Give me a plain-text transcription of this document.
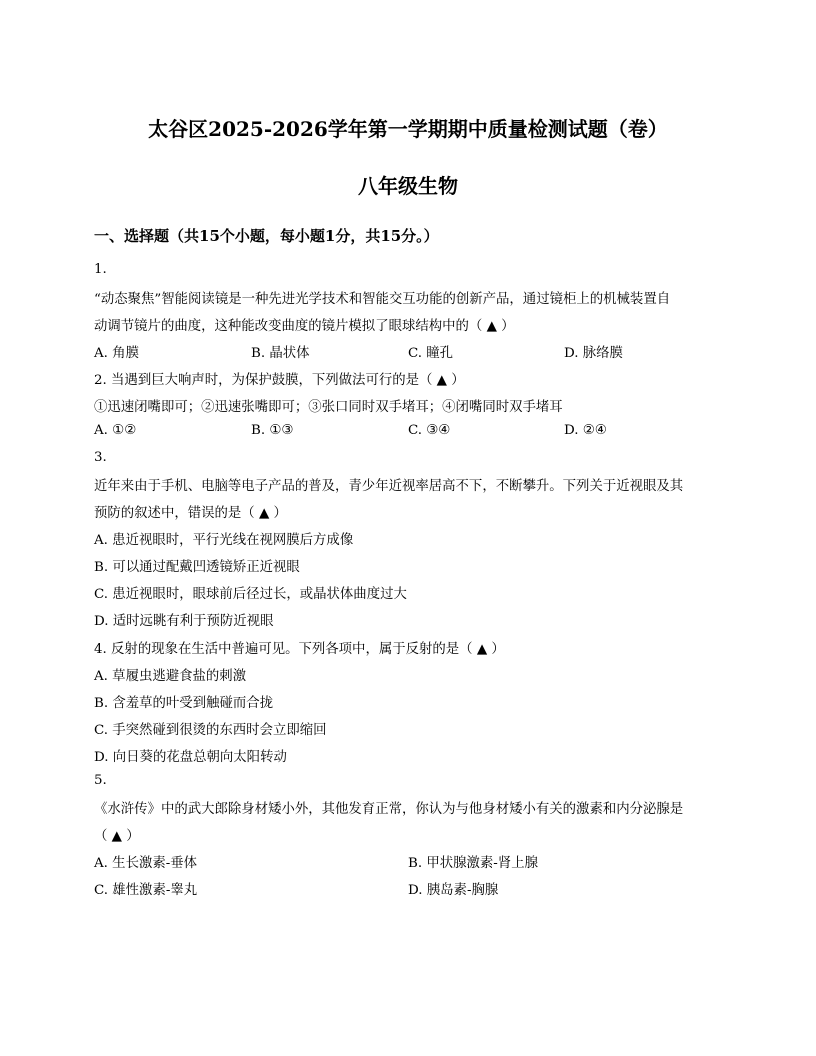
太谷区2025-2026学年第一学期期中质量检测试题（卷）
八年级生物
一、选择题（共15个小题，每小题1分，共15分。）
1.
“动态聚焦”智能阅读镜是一种先进光学技术和智能交互功能的创新产品，通过镜柜上的机械装置自
动调节镜片的曲度，这种能改变曲度的镜片模拟了眼球结构中的（ ▲ ）
A. 角膜	B. 晶状体	C. 瞳孔	D. 脉络膜
2. 当遇到巨大响声时，为保护鼓膜，下列做法可行的是（ ▲ ）
①迅速闭嘴即可；②迅速张嘴即可；③张口同时双手堵耳；④闭嘴同时双手堵耳
A. ①②	B. ①③	C. ③④	D. ②④
3.
近年来由于手机、电脑等电子产品的普及，青少年近视率居高不下，不断攀升。下列关于近视眼及其
预防的叙述中，错误的是（ ▲ ）
A. 患近视眼时，平行光线在视网膜后方成像
B. 可以通过配戴凹透镜矫正近视眼
C. 患近视眼时，眼球前后径过长，或晶状体曲度过大
D. 适时远眺有利于预防近视眼
4. 反射的现象在生活中普遍可见。下列各项中，属于反射的是（ ▲ ）
A. 草履虫逃避食盐的刺激
B. 含羞草的叶受到触碰而合拢
C. 手突然碰到很烫的东西时会立即缩回
D. 向日葵的花盘总朝向太阳转动
5.
《水浒传》中的武大郎除身材矮小外，其他发育正常，你认为与他身材矮小有关的激素和内分泌腺是
（ ▲ ）
A. 生长激素-垂体	B. 甲状腺激素-肾上腺
C. 雄性激素-睾丸	D. 胰岛素-胸腺
